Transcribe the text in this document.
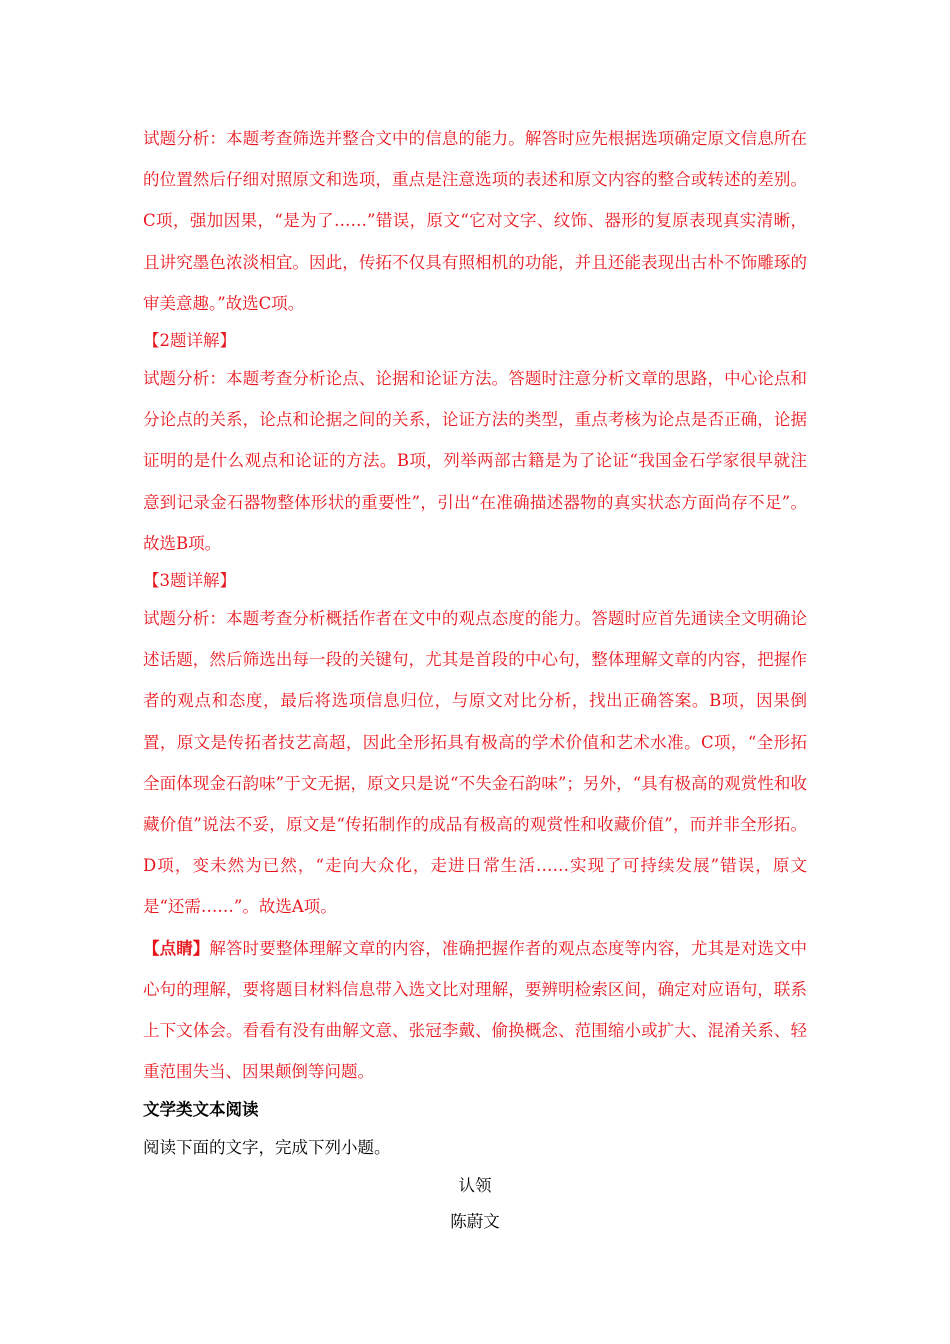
试题分析：本题考查筛选并整合文中的信息的能力。解答时应先根据选项确定原文信息所在的位置然后仔细对照原文和选项，重点是注意选项的表述和原文内容的整合或转述的差别。C项，强加因果，“是为了……”错误，原文“它对文字、纹饰、器形的复原表现真实清晰，且讲究墨色浓淡相宜。因此，传拓不仅具有照相机的功能，并且还能表现出古朴不饰雕琢的审美意趣。”故选C项。

【2题详解】

试题分析：本题考查分析论点、论据和论证方法。答题时注意分析文章的思路，中心论点和分论点的关系，论点和论据之间的关系，论证方法的类型，重点考核为论点是否正确，论据证明的是什么观点和论证的方法。B项，列举两部古籍是为了论证“我国金石学家很早就注意到记录金石器物整体形状的重要性”，引出“在准确描述器物的真实状态方面尚存不足”。故选B项。

【3题详解】

试题分析：本题考查分析概括作者在文中的观点态度的能力。答题时应首先通读全文明确论述话题，然后筛选出每一段的关键句，尤其是首段的中心句，整体理解文章的内容，把握作者的观点和态度，最后将选项信息归位，与原文对比分析，找出正确答案。B项，因果倒置，原文是传拓者技艺高超，因此全形拓具有极高的学术价值和艺术水准。C项，“全形拓全面体现金石韵味”于文无据，原文只是说“不失金石韵味”；另外，“具有极高的观赏性和收藏价值”说法不妥，原文是“传拓制作的成品有极高的观赏性和收藏价值”，而并非全形拓。D项，变未然为已然，“走向大众化，走进日常生活……实现了可持续发展”错误，原文是“还需……”。故选A项。

【点睛】解答时要整体理解文章的内容，准确把握作者的观点态度等内容，尤其是对选文中心句的理解，要将题目材料信息带入选文比对理解，要辨明检索区间，确定对应语句，联系上下文体会。看看有没有曲解文意、张冠李戴、偷换概念、范围缩小或扩大、混淆关系、轻重范围失当、因果颠倒等问题。

文学类文本阅读

阅读下面的文字，完成下列小题。

认领

陈蔚文
